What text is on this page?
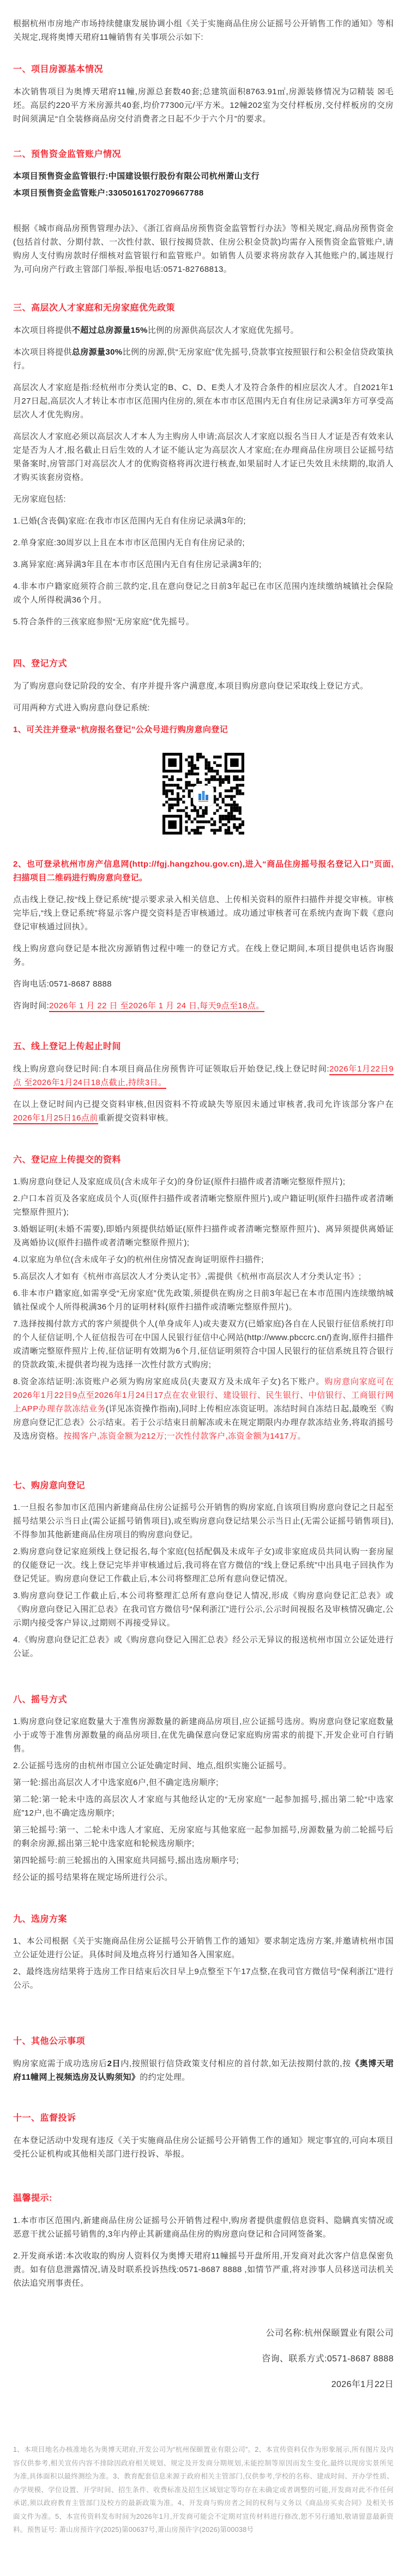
根据杭州市房地产市场持续健康发展协调小组《关于实施商品住房公证摇号公开销售工作的通知》等相关规定,现将奥博天珺府11幢销售有关事项公示如下:

一、项目房源基本情况

本次销售项目为奥博天珺府11幢,房源总套数40套;总建筑面积8763.91㎡,房源装修情况为☑精装 ☒毛坯。高层约220平方米房源共40套,均价77300元/平方米。12幢202室为交付样板房,交付样板房的交房时间须满足“自全装修商品房交付消费者之日起不少于六个月”的要求。

二、预售资金监管账户情况

本项目预售资金监管银行:中国建设银行股份有限公司杭州萧山支行

本项目预售资金监管账户:33050161702709667788

根据《城市商品房预售管理办法》、《浙江省商品房预售资金监管暂行办法》等相关规定,商品房预售资金(包括首付款、分期付款、一次性付款、银行按揭贷款、住房公积金贷款)均需存入预售资金监管账户,请购房人支付购房款时仔细核对监管银行和监管账户。如销售人员要求将房款存入其他账户的,属违规行为,可向房产行政主管部门举报,举报电话:0571-82768813。

三、高层次人才家庭和无房家庭优先政策

本次项目将提供不超过总房源量15%比例的房源供高层次人才家庭优先摇号。

本次项目将提供总房源量30%比例的房源,供“无房家庭”优先摇号,贷款事宜按照银行和公积金信贷政策执行。

高层次人才家庭是指:经杭州市分类认定的B、C、D、E类人才及符合条件的相应层次人才。自2021年1月27日起,高层次人才转让本市市区范围内住房的,须在本市市区范围内无自有住房记录满3年方可享受高层次人才优先购房。

高层次人才家庭必须以高层次人才本人为主购房人申请;高层次人才家庭以报名当日人才证是否有效来认定是否为人才,报名截止日后生效的人才证不能认定为高层次人才家庭;在办理商品住房项目公证摇号结果备案时,房管部门对高层次人才的优购资格将再次进行核查,如果届时人才证已失效且未续期的,取消人才购买该套房资格。

无房家庭包括:

1.已婚(含丧偶)家庭:在我市市区范围内无自有住房记录满3年的;

2.单身家庭:30周岁以上且在本市市区范围内无自有住房记录的;

3.离异家庭:离异满3年且在本市市区范围内无自有住房记录满3年的;

4.非本市户籍家庭须符合前三款约定,且在意向登记之日前3年起已在市区范围内连续缴纳城镇社会保险或个人所得税满36个月。

5.符合条件的三孩家庭参照“无房家庭”优先摇号。

四、登记方式

为了购房意向登记阶段的安全、有序并提升客户满意度,本项目购房意向登记采取线上登记方式。

可用两种方式进入购房意向登记系统:

1、可关注并登录“杭房报名登记”公众号进行购房意向登记

2、也可登录杭州市房产信息网(http://fgj.hangzhou.gov.cn),进入“商品住房摇号报名登记入口”页面,扫描项目二维码进行购房意向登记。

点击线上登记,按“线上登记系统”提示要求录入相关信息、上传相关资料的原件扫描件并提交审核。审核完毕后,“线上登记系统”将显示客户提交资料是否审核通过。成功通过审核者可在系统内查询下载《意向登记审核通过回执》。

线上购房意向登记是本批次房源销售过程中唯一的登记方式。在线上登记期间,本项目提供电话咨询服务。

咨询电话:0571-8687 8888

咨询时间:2026年 1 月 22 日 至2026年 1 月 24 日,每天9点至18点。

五、线上登记上传起止时间

线上购房意向登记时间:自本项目商品住房预售许可证领取后开始登记,线上登记时间:2026年1月22日9点 至2026年1月24日18点截止,持续3日。

在以上登记时间内已提交资料审核,但因资料不符或缺失等原因未通过审核者,我司允许该部分客户在2026年1月25日16点前重新提交资料审核。

六、登记应上传提交的资料

1.购房意向登记人及家庭成员(含未成年子女)的身份证(原件扫描件或者清晰完整原件照片);

2.户口本首页及各家庭成员个人页(原件扫描件或者清晰完整原件照片),或户籍证明(原件扫描件或者清晰完整原件照片);

3.婚姻证明(未婚不需要),即婚内须提供结婚证(原件扫描件或者清晰完整原件照片)、离异须提供离婚证及离婚协议(原件扫描件或者清晰完整原件照片);

4.以家庭为单位(含未成年子女)的杭州住房情况查询证明原件扫描件;

5.高层次人才如有《杭州市高层次人才分类认定书》,需提供《杭州市高层次人才分类认定书》;

6.非本市户籍家庭,如需享受“无房家庭”优先政策,须提供在购房之日前3年起已在本市范围内连续缴纳城镇社保或个人所得税满36个月的证明材料(原件扫描件或清晰完整原件照片)。

7.选择按揭付款方式的客户须提供个人(单身成年人)或夫妻双方(已婚家庭)各自在人民银行征信系统打印的个人征信证明,个人征信报告可在中国人民银行征信中心网站(http://www.pbccrc.cn/)查询,原件扫描件或清晰完整原件照片上传,征信证明有效期为6个月,征信证明须符合中国人民银行的征信系统且符合银行的贷款政策,未提供者均视为选择一次性付款方式购房;

8.资金冻结证明:冻资账户必须为购房家庭成员(夫妻双方及未成年子女)名下账户。购房意向家庭可在2026年1月22日9点至2026年1月24日17点在农业银行、建设银行、民生银行、中信银行、工商银行网上APP办理存款冻结业务(详见冻资操作指南),同时上传相应冻资证明。冻结时间自冻结日起,最晚至《购房意向登记汇总表》公示结束。若于公示结束日前解冻或未在规定期限内办理存款冻结业务,将取消摇号及选房资格。按揭客户,冻资金额为212万;一次性付款客户,冻资金额为1417万。

七、购房意向登记

1.一旦报名参加市区范围内新建商品住房公证摇号公开销售的购房家庭,自该项目购房意向登记之日起至摇号结果公示当日止(需公证摇号销售项目),或至购房意向登记结果公示当日止(无需公证摇号销售项目),不得参加其他新建商品住房项目的购房意向登记。

2.购房意向登记家庭须线上登记报名,每个家庭(包括配偶及未成年子女)或非家庭成员共同认购一套房屋的仅能登记一次。线上登记完毕并审核通过后,我司将在官方微信的“线上登记系统”中出具电子回执作为登记凭证。购房意向登记工作截止后,本公司将整理汇总所有意向登记情况。

3.购房意向登记工作截止后,本公司将整理汇总所有意向登记人情况,形成《购房意向登记汇总表》或《购房意向登记入围汇总表》在我司官方微信号“保利浙江”进行公示,公示时间视报名及审核情况确定,公示期内接受客户异议,过期则不再接受异议。

4.《购房意向登记汇总表》或《购房意向登记入围汇总表》经公示无异议的报送杭州市国立公证处进行公证。

八、摇号方式

1.购房意向登记家庭数量大于准售房源数量的新建商品房项目,应公证摇号选房。购房意向登记家庭数量小于或等于准售房源数量的商品房项目,在优先确保意向登记家庭购房需求的前提下,开发企业可自行销售。

2.公证摇号选房的由杭州市国立公证处确定时间、地点,组织实施公证摇号。

第一轮:摇出高层次人才中选家庭6户,但不确定选房顺序;

第二轮:第一轮未中选的高层次人才家庭与其他经认定的“无房家庭”一起参加摇号,摇出第二轮“中选家庭”12户,也不确定选房顺序;

第三轮摇号:第一、二轮未中选人才家庭、无房家庭与其他家庭一起参加摇号,房源数量为前二轮摇号后的剩余房源,摇出第三轮中选家庭和轮候选房顺序;

第四轮摇号:前三轮摇出的入围家庭共同摇号,摇出选房顺序号;

经公证的摇号结果将在规定场所进行公示。

九、选房方案

1、本公司根据《关于实施商品住房公证摇号公开销售工作的通知》要求制定选房方案,并邀请杭州市国立公证处进行公证。具体时间及地点将另行通知各入围家庭。

2、最终选房结果将于选房工作日结束后次日早上9点整至下午17点整,在我司官方微信号“保利浙江”进行公示。

十、其他公示事项

购房家庭需于成功选房后2日内,按照银行信贷政策支付相应的首付款,如无法按期付款的,按《奥博天珺府11幢网上视频选房及认购须知》的约定处理。

十一、监督投诉

在本登记活动中发现有违反《关于实施商品住房公证摇号公开销售工作的通知》规定事宜的,可向本项目受托公证机构或其他相关部门进行投诉、举报。

温馨提示:

1.本市市区范围内,新建商品住房公证摇号公开销售过程中,购房者提供虚假信息资料、隐瞒真实情况或恶意干扰公证摇号销售的,3年内停止其新建商品住房的购房意向登记和合同网签备案。

2.开发商承诺:本次收取的购房人资料仅为奥博天珺府11幢摇号开盘所用,开发商对此次客户信息保密负责。如有信息泄露情况,请及时联系投诉热线:0571-8687 8888 ,如情节严重,将对涉事人员移送司法机关依法追究刑事责任。

公司名称:杭州保颐置业有限公司
咨询、联系方式:0571-8687 8888
2026年1月22日

1、本项目地名办核准地名为奥博天珺府,开发公司为“杭州保颐置业有限公司”。2、本宣传资料仅作为形象展示,所有图片及内容仅供参考,相关宣传内容不排除因政府相关规划、规定及开发商分期规划,未能控制等原因而发生变化,最终以现房实景所见为准,具体面积以最终测绘为准。3、教育配套信息来源于政府相关主管部门,仅供参考,学校的名称、建成时间、开办学性质、办学规模、学位设置、开学时间、招生条件、收费标准及招生区域划定等均存在未确定或者调整的可能,开发商对此不作任何承诺,须以政府教育主管部门及校方的最新政策为准。4、开发商与购房者之间的权利与义务以《商品房买卖合同》及相关书面文件为准。5、本宣传资料发布时间为2026年1月,开发商可能会不定期对宣传材料进行修改,恕不另行通知,敬请留意最新资料。预售证号: 萧山房预许字(2025)第00637号,萧山房预许字(2026)第00038号
